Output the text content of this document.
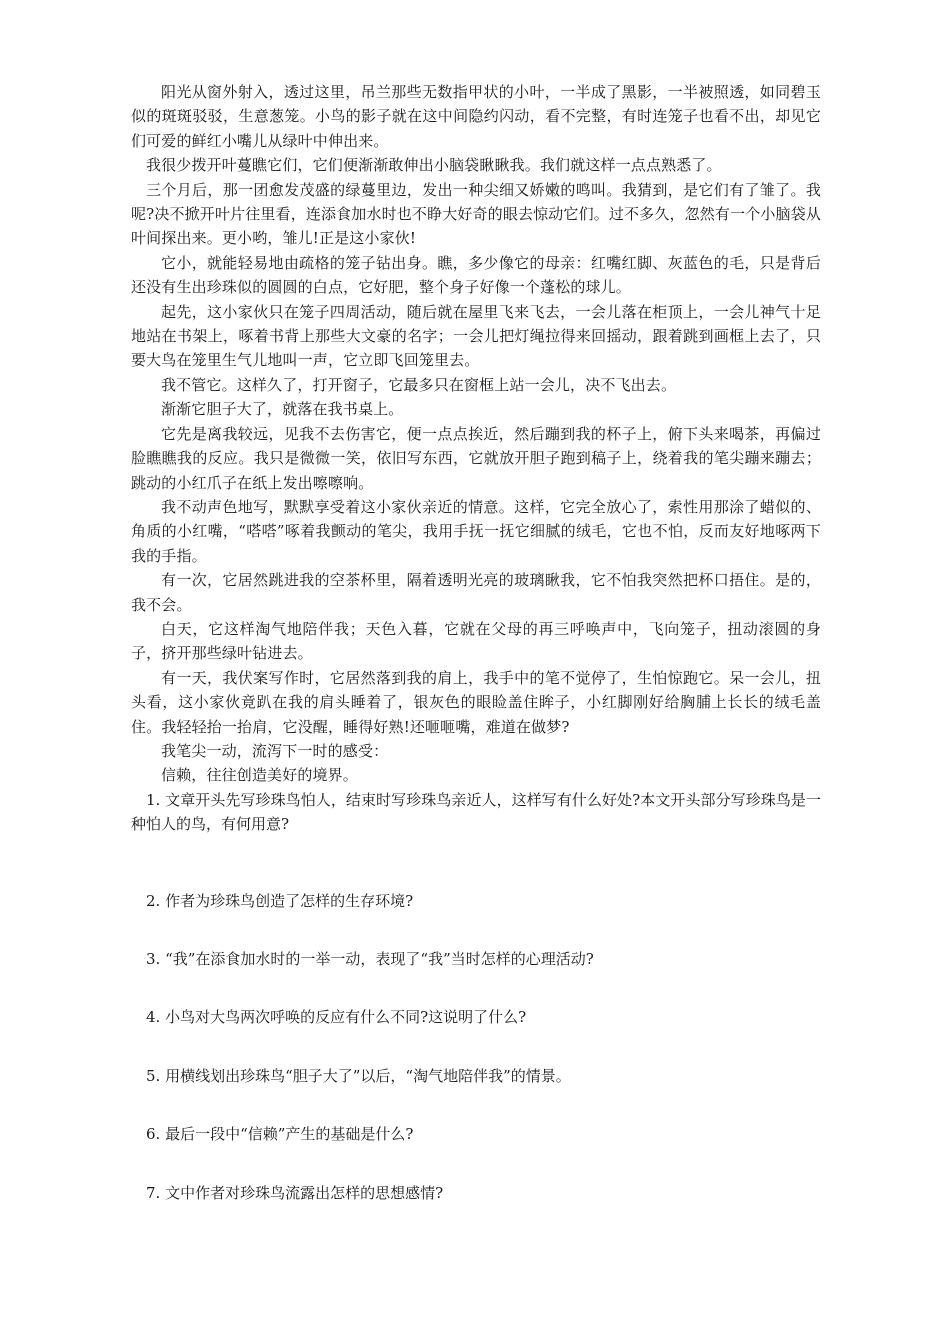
阳光从窗外射入，透过这里，吊兰那些无数指甲状的小叶，一半成了黑影，一半被照透，如同碧玉似的斑斑驳驳，生意葱笼。小鸟的影子就在这中间隐约闪动，看不完整，有时连笼子也看不出，却见它们可爱的鲜红小嘴儿从绿叶中伸出来。

我很少拨开叶蔓瞧它们，它们便渐渐敢伸出小脑袋瞅瞅我。我们就这样一点点熟悉了。

三个月后，那一团愈发茂盛的绿蔓里边，发出一种尖细又娇嫩的鸣叫。我猜到，是它们有了雏了。我呢?决不掀开叶片往里看，连添食加水时也不睁大好奇的眼去惊动它们。过不多久，忽然有一个小脑袋从叶间探出来。更小哟，雏儿!正是这小家伙!

它小，就能轻易地由疏格的笼子钻出身。瞧，多少像它的母亲：红嘴红脚、灰蓝色的毛，只是背后还没有生出珍珠似的圆圆的白点，它好肥，整个身子好像一个蓬松的球儿。

起先，这小家伙只在笼子四周活动，随后就在屋里飞来飞去，一会儿落在柜顶上，一会儿神气十足地站在书架上，啄着书背上那些大文豪的名字；一会儿把灯绳拉得来回摇动，跟着跳到画框上去了，只要大鸟在笼里生气儿地叫一声，它立即飞回笼里去。

我不管它。这样久了，打开窗子，它最多只在窗框上站一会儿，决不飞出去。

渐渐它胆子大了，就落在我书桌上。

它先是离我较远，见我不去伤害它，便一点点挨近，然后蹦到我的杯子上，俯下头来喝茶，再偏过脸瞧瞧我的反应。我只是微微一笑，依旧写东西，它就放开胆子跑到稿子上，绕着我的笔尖蹦来蹦去；跳动的小红爪子在纸上发出嚓嚓响。

我不动声色地写，默默享受着这小家伙亲近的情意。这样，它完全放心了，索性用那涂了蜡似的、角质的小红嘴，“嗒嗒”啄着我颤动的笔尖，我用手抚一抚它细腻的绒毛，它也不怕，反而友好地啄两下我的手指。

有一次，它居然跳进我的空茶杯里，隔着透明光亮的玻璃瞅我，它不怕我突然把杯口捂住。是的，我不会。

白天，它这样淘气地陪伴我；天色入暮，它就在父母的再三呼唤声中，飞向笼子，扭动滚圆的身子，挤开那些绿叶钻进去。

有一天，我伏案写作时，它居然落到我的肩上，我手中的笔不觉停了，生怕惊跑它。呆一会儿，扭头看，这小家伙竟趴在我的肩头睡着了，银灰色的眼睑盖住眸子，小红脚刚好给胸脯上长长的绒毛盖住。我轻轻抬一抬肩，它没醒，睡得好熟!还咂咂嘴，难道在做梦?

我笔尖一动，流泻下一时的感受：

信赖，往往创造美好的境界。

1. 文章开头先写珍珠鸟怕人，结束时写珍珠鸟亲近人，这样写有什么好处?本文开头部分写珍珠鸟是一种怕人的鸟，有何用意?

2. 作者为珍珠鸟创造了怎样的生存环境?

3. “我”在添食加水时的一举一动，表现了“我”当时怎样的心理活动?

4. 小鸟对大鸟两次呼唤的反应有什么不同?这说明了什么?

5. 用横线划出珍珠鸟“胆子大了”以后，“淘气地陪伴我”的情景。

6. 最后一段中“信赖”产生的基础是什么?

7. 文中作者对珍珠鸟流露出怎样的思想感情?
